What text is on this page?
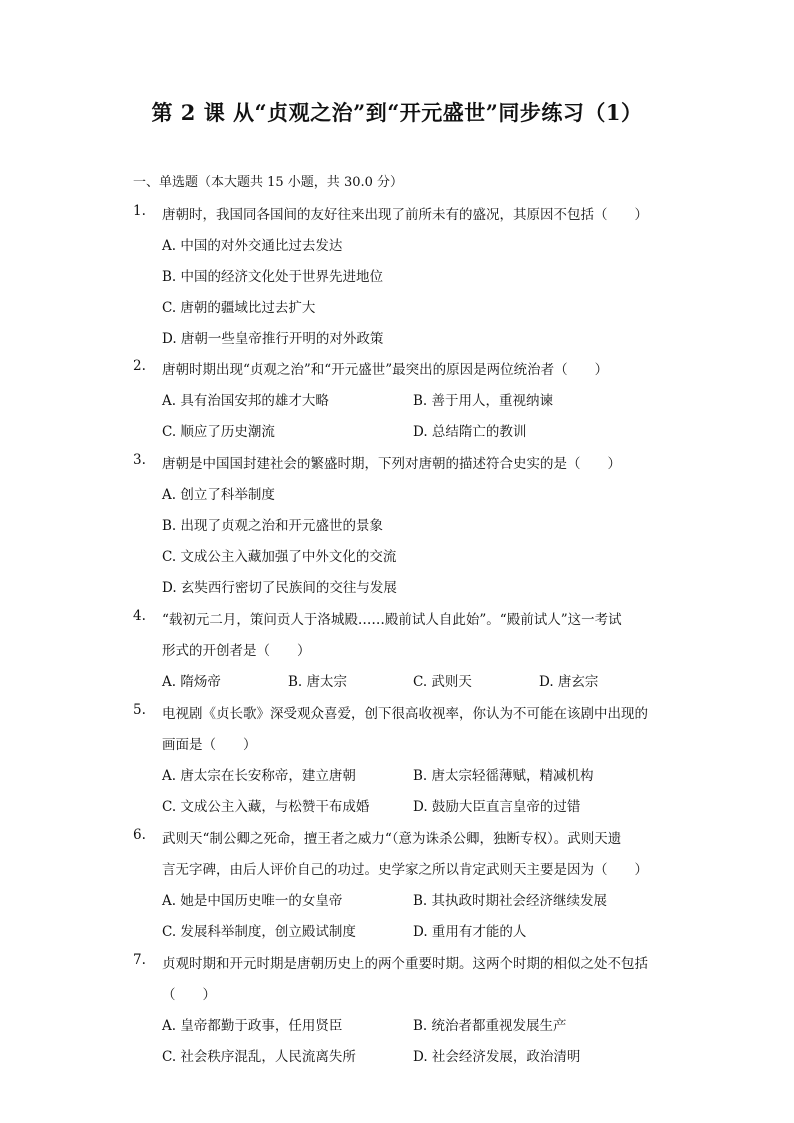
第 2 课 从“贞观之治”到“开元盛世”同步练习（1）
一、单选题（本大题共 15 小题，共 30.0 分）
1. 唐朝时，我国同各国间的友好往来出现了前所未有的盛况，其原因不包括（　　）
A. 中国的对外交通比过去发达
B. 中国的经济文化处于世界先进地位
C. 唐朝的疆域比过去扩大
D. 唐朝一些皇帝推行开明的对外政策
2. 唐朝时期出现“贞观之治”和“开元盛世”最突出的原因是两位统治者（　　）
A. 具有治国安邦的雄才大略	B. 善于用人，重视纳谏
C. 顺应了历史潮流	D. 总结隋亡的教训
3. 唐朝是中国国封建社会的繁盛时期，下列对唐朝的描述符合史实的是（　　）
A. 创立了科举制度
B. 出现了贞观之治和开元盛世的景象
C. 文成公主入藏加强了中外文化的交流
D. 玄奘西行密切了民族间的交往与发展
4. “载初元二月，策问贡人于洛城殿……殿前试人自此始”。“殿前试人”这一考试
形式的开创者是（　　）
A. 隋炀帝	B. 唐太宗	C. 武则天	D. 唐玄宗
5. 电视剧《贞长歌》深受观众喜爱，创下很高收视率，你认为不可能在该剧中出现的
画面是（　　）
A. 唐太宗在长安称帝，建立唐朝	B. 唐太宗轻徭薄赋，精减机构
C. 文成公主入藏，与松赞干布成婚	D. 鼓励大臣直言皇帝的过错
6. 武则天“制公卿之死命，擅王者之威力“（意为诛杀公卿，独断专权）。武则天遗
言无字碑，由后人评价自己的功过。史学家之所以肯定武则天主要是因为（　　）
A. 她是中国历史唯一的女皇帝	B. 其执政时期社会经济继续发展
C. 发展科举制度，创立殿试制度	D. 重用有才能的人
7. 贞观时期和开元时期是唐朝历史上的两个重要时期。这两个时期的相似之处不包括
（　　）
A. 皇帝都勤于政事，任用贤臣	B. 统治者都重视发展生产
C. 社会秩序混乱，人民流离失所	D. 社会经济发展，政治清明
